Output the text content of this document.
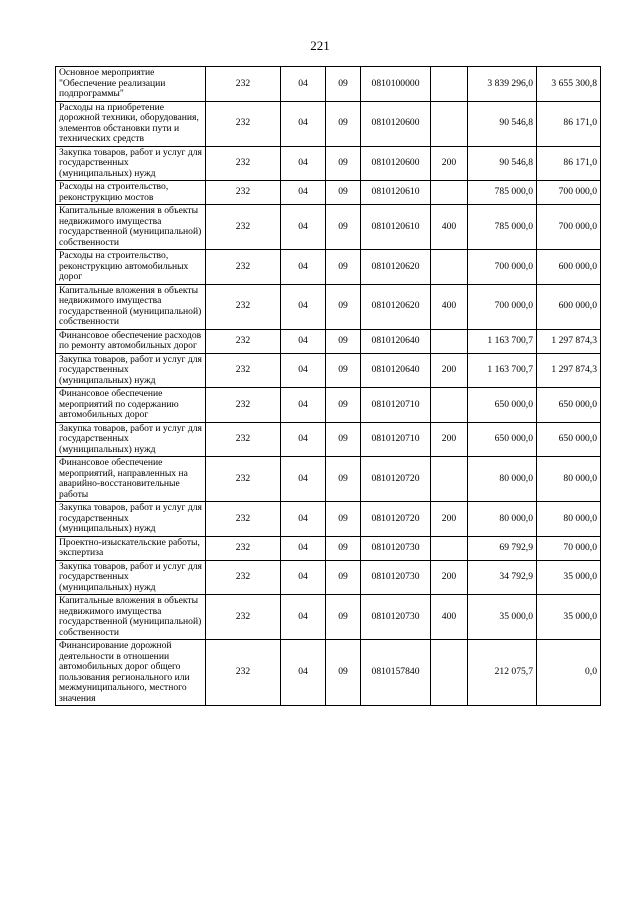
221
Основное мероприятие "Обеспечение реализации подпрограммы"	232	04	09	0810100000		3 839 296,0	3 655 300,8
Расходы на приобретение дорожной техники, оборудования, элементов обстановки пути и технических средств	232	04	09	0810120600		90 546,8	86 171,0
Закупка товаров, работ и услуг для государственных (муниципальных) нужд	232	04	09	0810120600	200	90 546,8	86 171,0
Расходы на строительство, реконструкцию мостов	232	04	09	0810120610		785 000,0	700 000,0
Капитальные вложения в объекты недвижимого имущества государственной (муниципальной) собственности	232	04	09	0810120610	400	785 000,0	700 000,0
Расходы на строительство, реконструкцию автомобильных дорог	232	04	09	0810120620		700 000,0	600 000,0
Капитальные вложения в объекты недвижимого имущества государственной (муниципальной) собственности	232	04	09	0810120620	400	700 000,0	600 000,0
Финансовое обеспечение расходов по ремонту автомобильных дорог	232	04	09	0810120640		1 163 700,7	1 297 874,3
Закупка товаров, работ и услуг для государственных (муниципальных) нужд	232	04	09	0810120640	200	1 163 700,7	1 297 874,3
Финансовое обеспечение мероприятий по содержанию автомобильных дорог	232	04	09	0810120710		650 000,0	650 000,0
Закупка товаров, работ и услуг для государственных (муниципальных) нужд	232	04	09	0810120710	200	650 000,0	650 000,0
Финансовое обеспечение мероприятий, направленных на аварийно-восстановительные работы	232	04	09	0810120720		80 000,0	80 000,0
Закупка товаров, работ и услуг для государственных (муниципальных) нужд	232	04	09	0810120720	200	80 000,0	80 000,0
Проектно-изыскательские работы, экспертиза	232	04	09	0810120730		69 792,9	70 000,0
Закупка товаров, работ и услуг для государственных (муниципальных) нужд	232	04	09	0810120730	200	34 792,9	35 000,0
Капитальные вложения в объекты недвижимого имущества государственной (муниципальной) собственности	232	04	09	0810120730	400	35 000,0	35 000,0
Финансирование дорожной деятельности в отношении автомобильных дорог общего пользования регионального или межмуниципального, местного значения	232	04	09	0810157840		212 075,7	0,0
